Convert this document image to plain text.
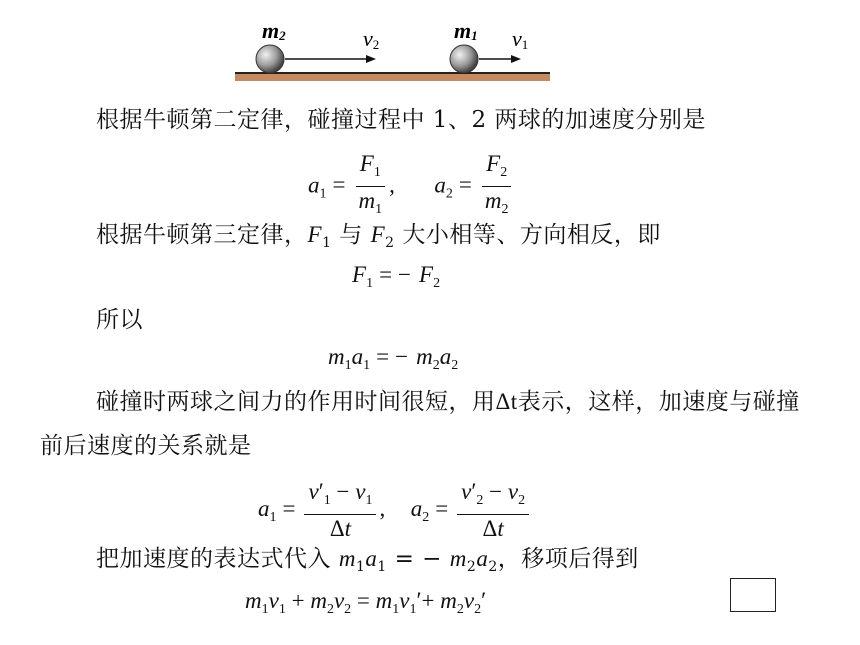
m2	v2
m1 v1
根据牛顿第二定律，碰撞过程中 1、2 两球的加速度分别是
$a_1 = \frac{F_1}{m_1}$ ,  $a_2 = \frac{F_2}{m_2}$
根据牛顿第三定律，$F_1$ 与 $F_2$ 大小相等、方向相反，即
$F_1$ = − $F_2$
所以
$m_1a_1$ = − $m_2a_2$
碰撞时两球之间力的作用时间很短，用Δt表示，这样，加速度与碰撞前后速度的关系就是
$a_1 = \frac{v'_1 - v_1}{\Delta t}$ ,  $a_2 = \frac{v'_2 - v_2}{\Delta t}$
把加速度的表达式代入 $m_1a_1$ = − $m_2a_2$，移项后得到
$m_1v_1 + m_2v_2 = m_1v_1'+ m_2v_2'$
